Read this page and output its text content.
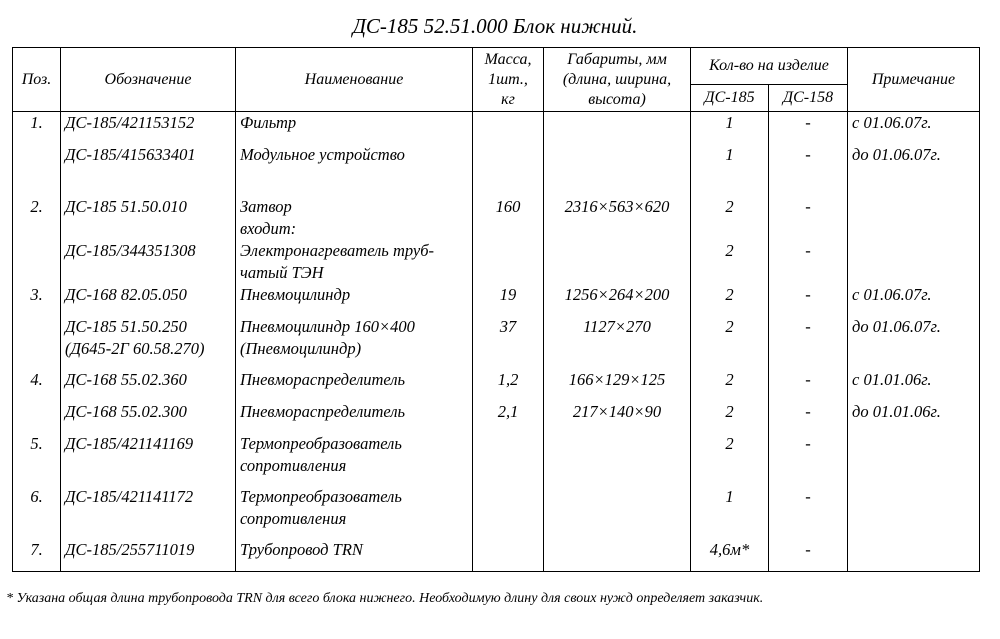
ДС-185 52.51.000 Блок нижний.
Поз.	Обозначение	Наименование	Масса,
1шт.,
кг	Габариты, мм
(длина, ширина,
высота)	Кол-во на изделие		Примечание
					ДС-185	ДС-158	
1.	ДС-185/421153152	Фильтр			1	-	с 01.06.07г.

	ДС-185/415633401	Модульное устройство			1	-	до 01.06.07г.
2.	ДС-185 51.50.010	Затвор
входит:	160	2316×563×620	2	-	

	ДС-185/344351308	Электронагреватель труб-
чатый ТЭН			2	-	
3.	ДС-168 82.05.050	Пневмоцилиндр	19	1256×264×200	2	-	с 01.06.07г.

	ДС-185 51.50.250
(Д645-2Г 60.58.270)	Пневмоцилиндр 160×400
(Пневмоцилиндр)	37	1127×270	2	-	до 01.06.07г.
4.	ДС-168 55.02.360	Пневмораспределитель	1,2	166×129×125	2	-	с 01.01.06г.

	ДС-168 55.02.300	Пневмораспределитель	2,1	217×140×90	2	-	до 01.01.06г.
5.	ДС-185/421141169	Термопреобразователь
сопротивления			2	-	
6.	ДС-185/421141172	Термопреобразователь
сопротивления			1	-	
7.	ДС-185/255711019	Трубопровод TRN			4,6м*	-	
* Указана общая длина трубопровода TRN для всего блока нижнего. Необходимую длину для своих нужд определяет заказчик.
